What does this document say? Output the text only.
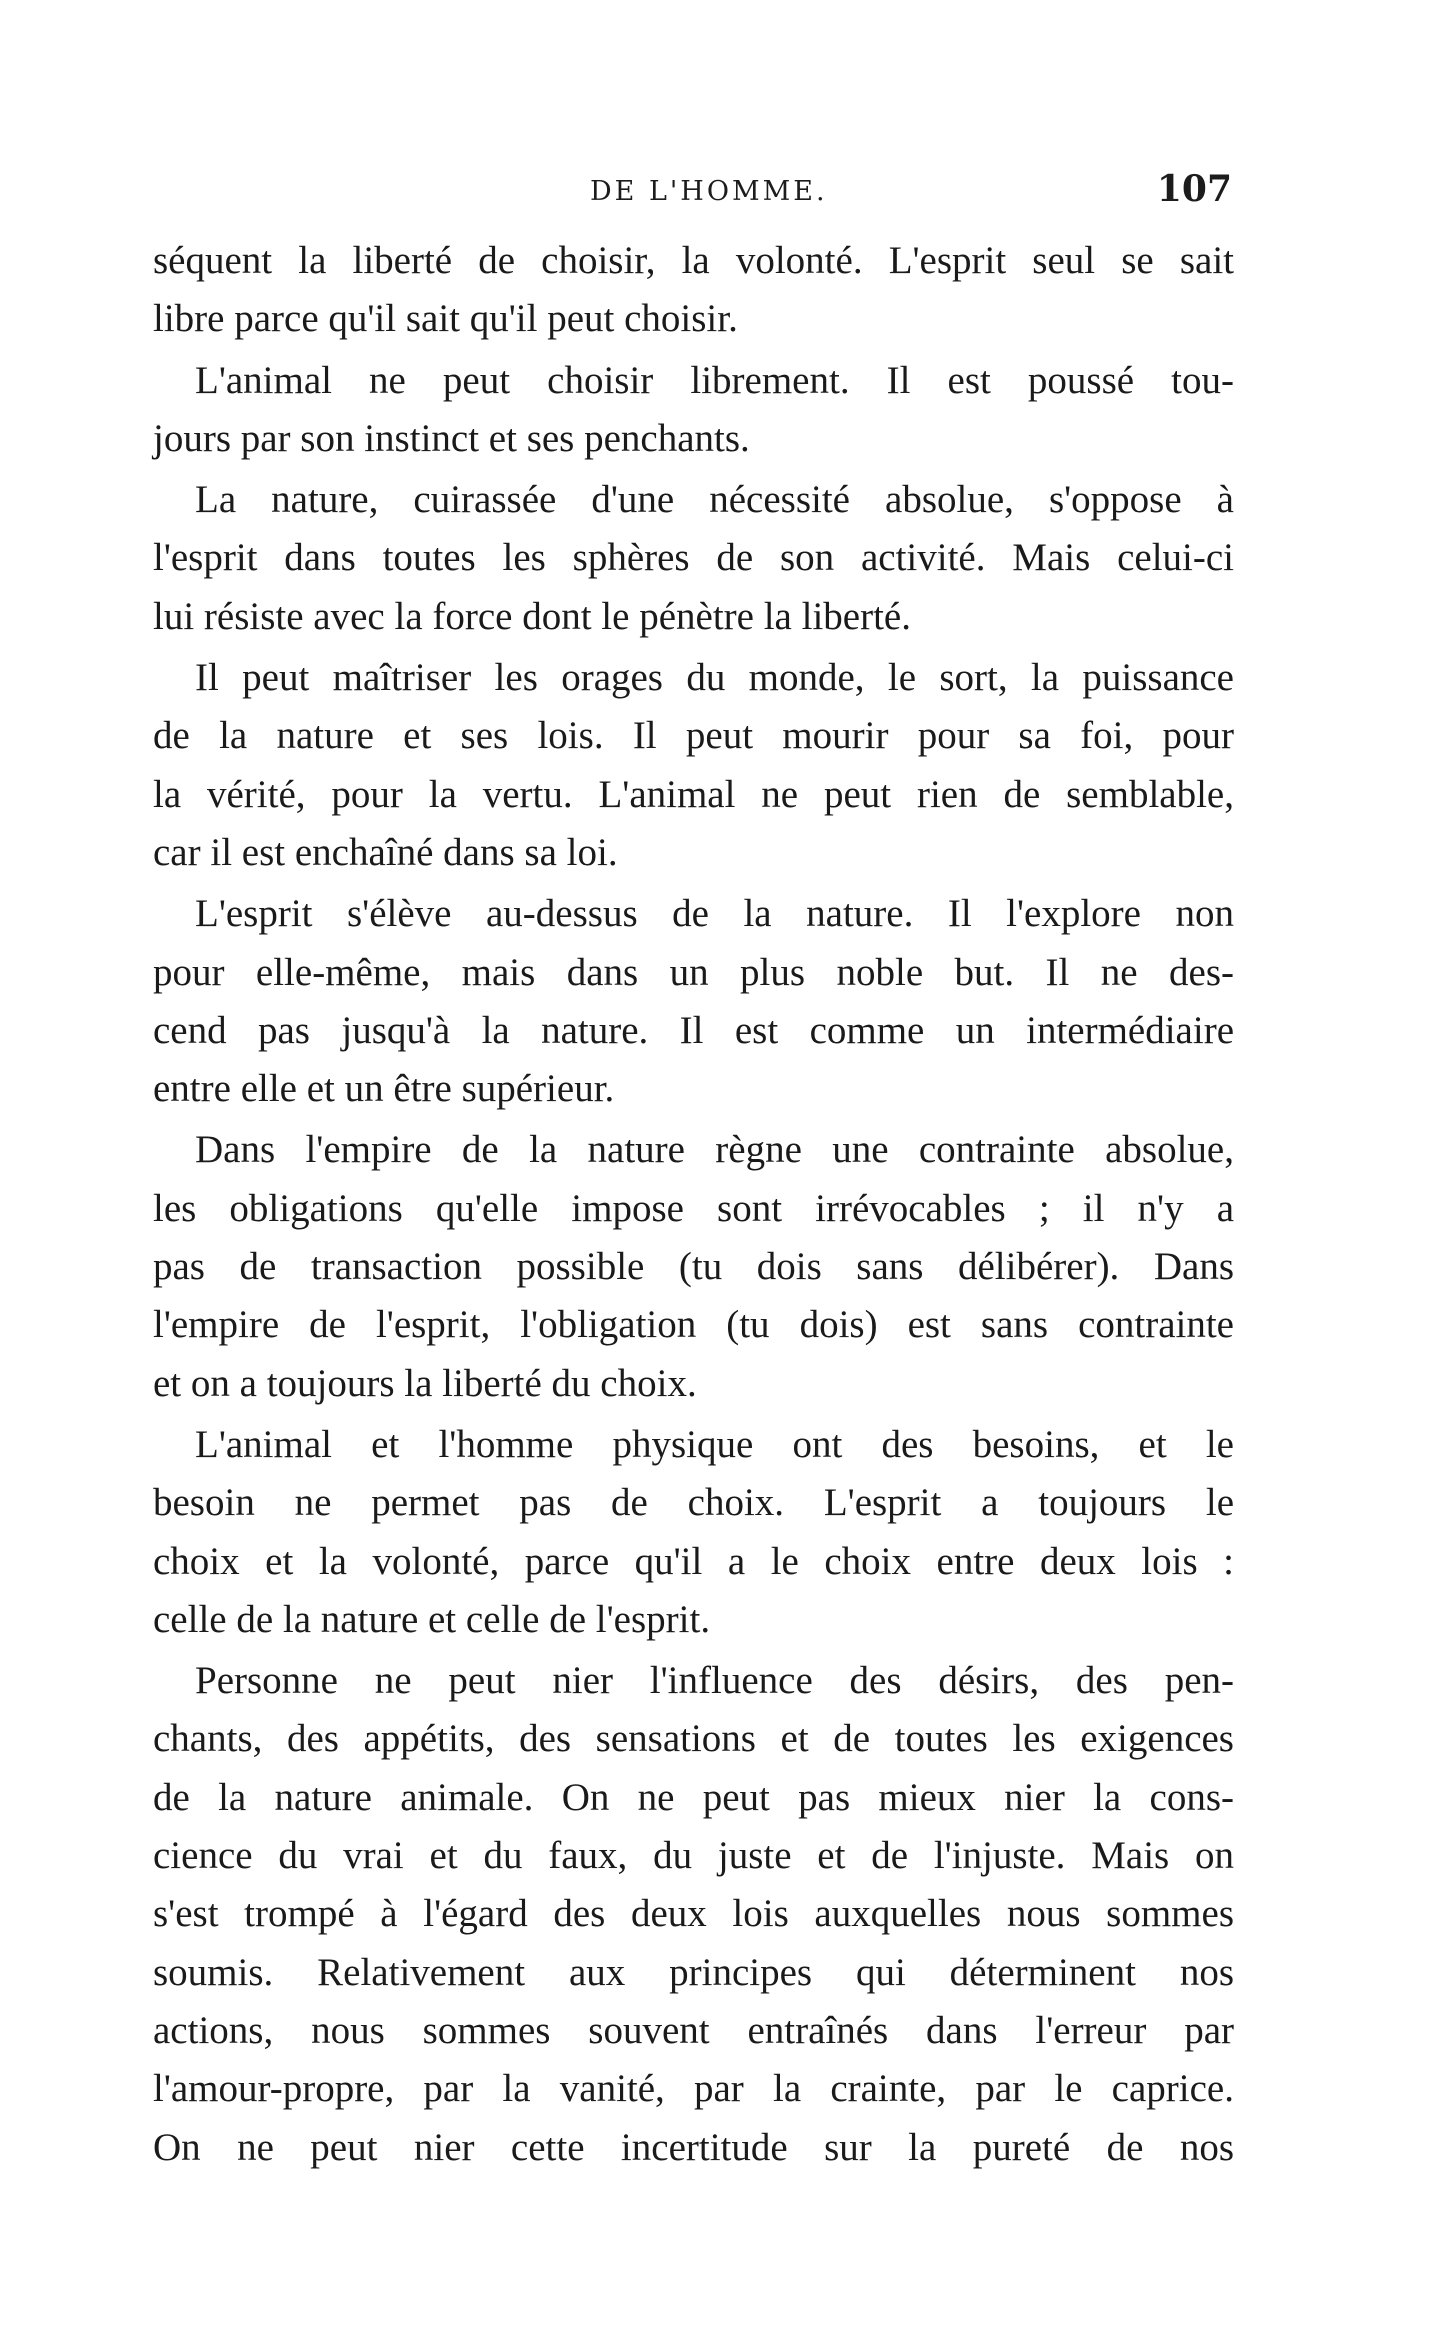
DE L'HOMME.	107
séquent la liberté de choisir, la volonté. L'esprit seul se sait
libre parce qu'il sait qu'il peut choisir.
L'animal ne peut choisir librement. Il est poussé tou-
jours par son instinct et ses penchants.
La nature, cuirassée d'une nécessité absolue, s'oppose à
l'esprit dans toutes les sphères de son activité. Mais celui-ci
lui résiste avec la force dont le pénètre la liberté.
Il peut maîtriser les orages du monde, le sort, la puissance
de la nature et ses lois. Il peut mourir pour sa foi, pour
la vérité, pour la vertu. L'animal ne peut rien de semblable,
car il est enchaîné dans sa loi.
L'esprit s'élève au-dessus de la nature. Il l'explore non
pour elle-même, mais dans un plus noble but. Il ne des-
cend pas jusqu'à la nature. Il est comme un intermédiaire
entre elle et un être supérieur.
Dans l'empire de la nature règne une contrainte absolue,
les obligations qu'elle impose sont irrévocables ; il n'y a
pas de transaction possible (tu dois sans délibérer). Dans
l'empire de l'esprit, l'obligation (tu dois) est sans contrainte
et on a toujours la liberté du choix.
L'animal et l'homme physique ont des besoins, et le
besoin ne permet pas de choix. L'esprit a toujours le
choix et la volonté, parce qu'il a le choix entre deux lois :
celle de la nature et celle de l'esprit.
Personne ne peut nier l'influence des désirs, des pen-
chants, des appétits, des sensations et de toutes les exigences
de la nature animale. On ne peut pas mieux nier la cons-
cience du vrai et du faux, du juste et de l'injuste. Mais on
s'est trompé à l'égard des deux lois auxquelles nous sommes
soumis. Relativement aux principes qui déterminent nos
actions, nous sommes souvent entraînés dans l'erreur par
l'amour-propre, par la vanité, par la crainte, par le caprice.
On ne peut nier cette incertitude sur la pureté de nos
